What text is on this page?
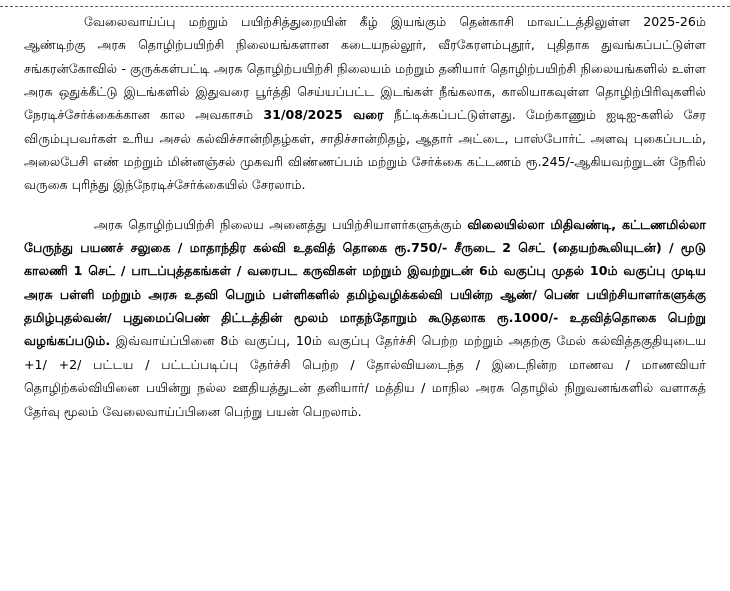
வேலைவாய்ப்பு மற்றும் பயிற்சித்துறையின் கீழ் இயங்கும் தென்காசி மாவட்டத்திலுள்ள 2025-26ம் ஆண்டிற்கு அரசு தொழிற்பயிற்சி நிலையங்களான கடையநல்லூர், வீரகேரளம்புதூர், புதிதாக துவங்கப்பட்டுள்ள சங்கரன்கோவில் - குருக்கள்பட்டி அரசு தொழிற்பயிற்சி நிலையம் மற்றும் தனியார் தொழிற்பயிற்சி நிலையங்களில் உள்ள அரசு ஒதுக்கீட்டு இடங்களில் இதுவரை பூர்த்தி செய்யப்பட்ட இடங்கள் நீங்கலாக, காலியாகவுள்ள தொழிற்பிரிவுகளில் நேரடிச்சேர்க்கைக்கான கால அவகாசம் 31/08/2025 வரை நீட்டிக்கப்பட்டுள்ளது. மேற்காணும் ஐடிஐ-களில் சேர விரும்புபவர்கள் உரிய அசல் கல்விச்சான்றிதழ்கள், சாதிச்சான்றிதழ், ஆதார் அட்டை, பாஸ்போர்ட் அளவு புகைப்படம், அலைபேசி எண் மற்றும் மின்னஞ்சல் முகவரி விண்ணப்பம் மற்றும் சேர்க்கை கட்டணம் ரூ.245/-ஆகியவற்றுடன் நேரில் வருகை புரிந்து இந்நேரடிச்சேர்க்கையில் சேரலாம்.

அரசு தொழிற்பயிற்சி நிலைய அனைத்து பயிற்சியாளர்களுக்கும் விலையில்லா மிதிவண்டி, கட்டணமில்லா பேருந்து பயணச் சலுகை / மாதாந்திர கல்வி உதவித் தொகை ரூ.750/- சீருடை 2 செட் (தையற்கூலியுடன்) / மூடு காலணி 1 செட் / பாடப்புத்தகங்கள் / வரைபட கருவிகள் மற்றும் இவற்றுடன் 6ம் வகுப்பு முதல் 10ம் வகுப்பு முடிய அரசு பள்ளி மற்றும் அரசு உதவி பெறும் பள்ளிகளில் தமிழ்வழிக்கல்வி பயின்ற ஆண்/ பெண் பயிற்சியாளர்களுக்கு தமிழ்புதல்வன்/ புதுமைப்பெண் திட்டத்தின் மூலம் மாதந்தோறும் கூடுதலாக ரூ.1000/- உதவித்தொகை பெற்று வழங்கப்படும். இவ்வாய்ப்பினை 8ம் வகுப்பு, 10ம் வகுப்பு தேர்ச்சி பெற்ற மற்றும் அதற்கு மேல் கல்வித்தகுதியுடைய +1/ +2/ பட்டய / பட்டப்படிப்பு தேர்ச்சி பெற்ற / தோல்வியடைந்த / இடைநின்ற மாணவ / மாணவியர் தொழிற்கல்வியினை பயின்று நல்ல ஊதியத்துடன் தனியார்/ மத்திய / மாநில அரசு தொழில் நிறுவனங்களில் வளாகத் தேர்வு மூலம் வேலைவாய்ப்பினை பெற்று பயன் பெறலாம்.
